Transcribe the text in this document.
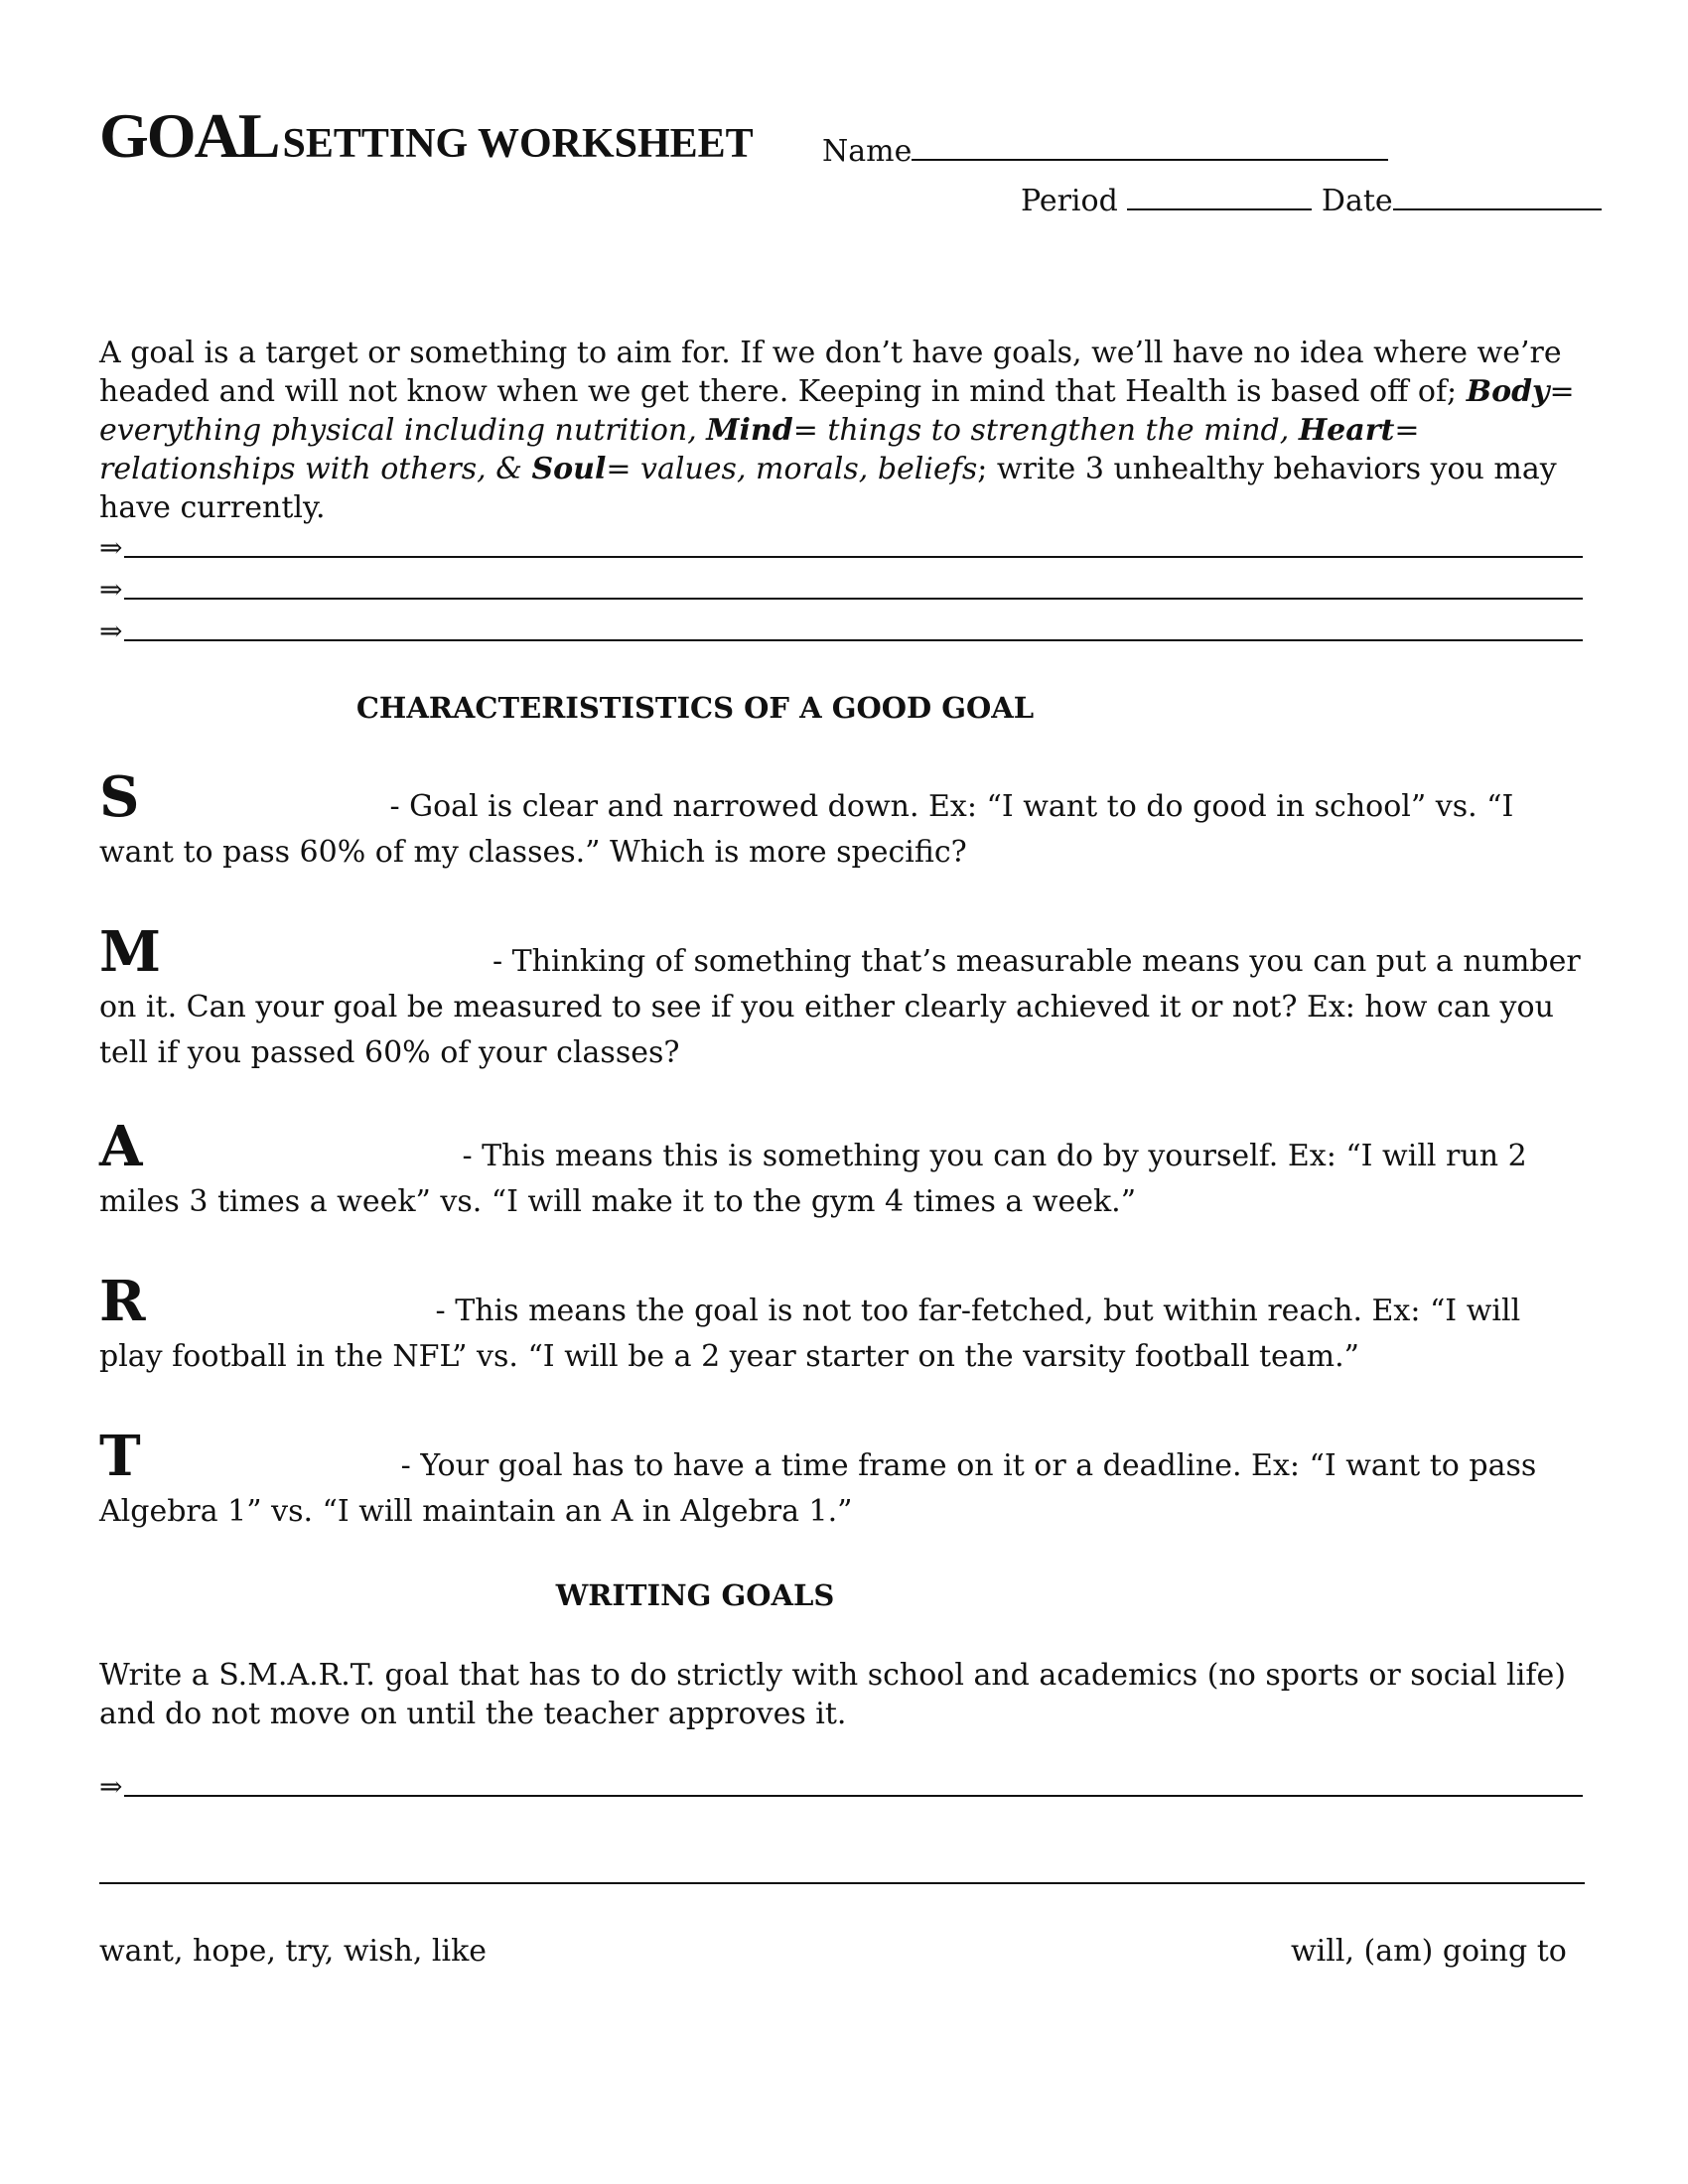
GOAL SETTING WORKSHEET Name
Period	Date
A goal is a target or something to aim for. If we don’t have goals, we’ll have no idea where we’re headed and will not know when we get there. Keeping in mind that Health is based off of; Body= everything physical including nutrition, Mind= things to strengthen the mind, Heart= relationships with others, & Soul= values, morals, beliefs; write 3 unhealthy behaviors you may have currently.
⇒
⇒
⇒
CHARACTERISTISTICS OF A GOOD GOAL
S	- Goal is clear and narrowed down. Ex: “I want to do good in school” vs. “I want to pass 60% of my classes.” Which is more specific?
M	- Thinking of something that’s measurable means you can put a number on it. Can your goal be measured to see if you either clearly achieved it or not? Ex: how can you tell if you passed 60% of your classes?
A	- This means this is something you can do by yourself. Ex: “I will run 2 miles 3 times a week” vs. “I will make it to the gym 4 times a week.”
R	- This means the goal is not too far-fetched, but within reach. Ex: “I will play football in the NFL” vs. “I will be a 2 year starter on the varsity football team.”
T	- Your goal has to have a time frame on it or a deadline. Ex: “I want to pass Algebra 1” vs. “I will maintain an A in Algebra 1.”
WRITING GOALS
Write a S.M.A.R.T. goal that has to do strictly with school and academics (no sports or social life) and do not move on until the teacher approves it.
⇒
want, hope, try, wish, like	will, (am) going to
